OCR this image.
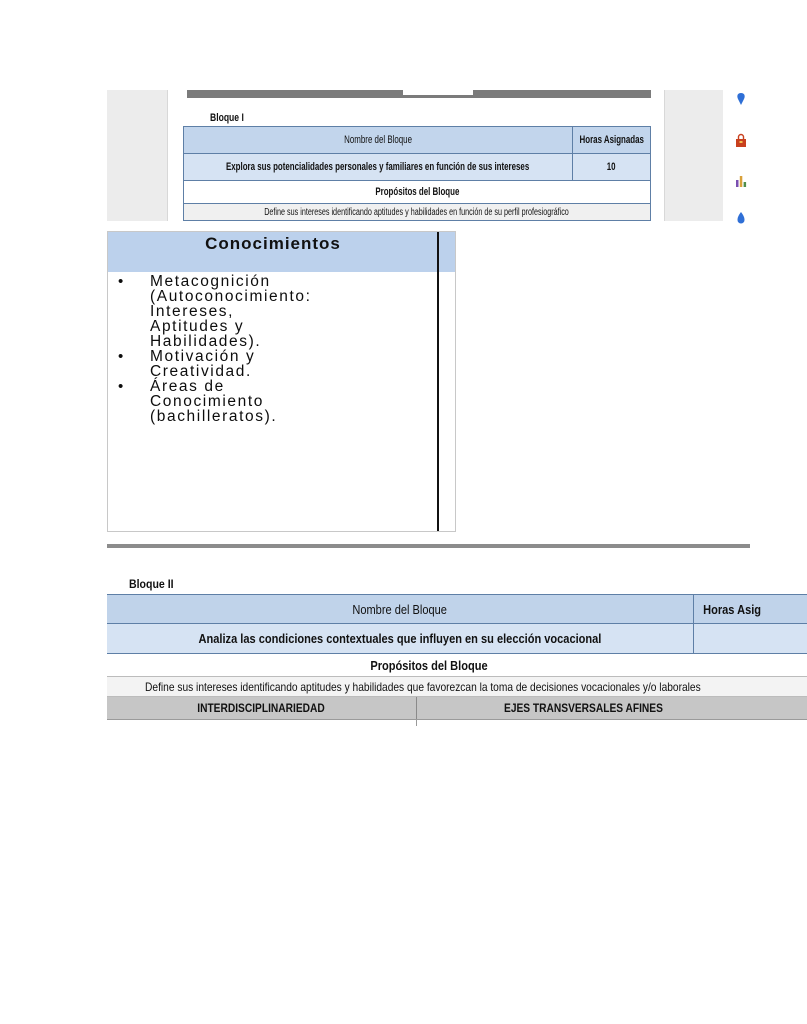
Bloque I
Nombre del Bloque	Horas Asignadas
Explora sus potencialidades personales y familiares en función de sus intereses	10
Propósitos del Bloque
Define sus intereses identificando aptitudes y habilidades en función de su perfil profesiográfico
Conocimientos
• Metacognición
(Autoconocimiento:
Intereses,
Aptitudes y
Habilidades).
• Motivación y
Creatividad.
• Áreas de
Conocimiento
(bachilleratos).
Bloque II
Nombre del Bloque	Horas Asig
Analiza las condiciones contextuales que influyen en su elección vocacional
Propósitos del Bloque
Define sus intereses identificando aptitudes y habilidades que favorezcan la toma de decisiones vocacionales y/o laborales
INTERDISCIPLINARIEDAD	EJES TRANSVERSALES AFINES
